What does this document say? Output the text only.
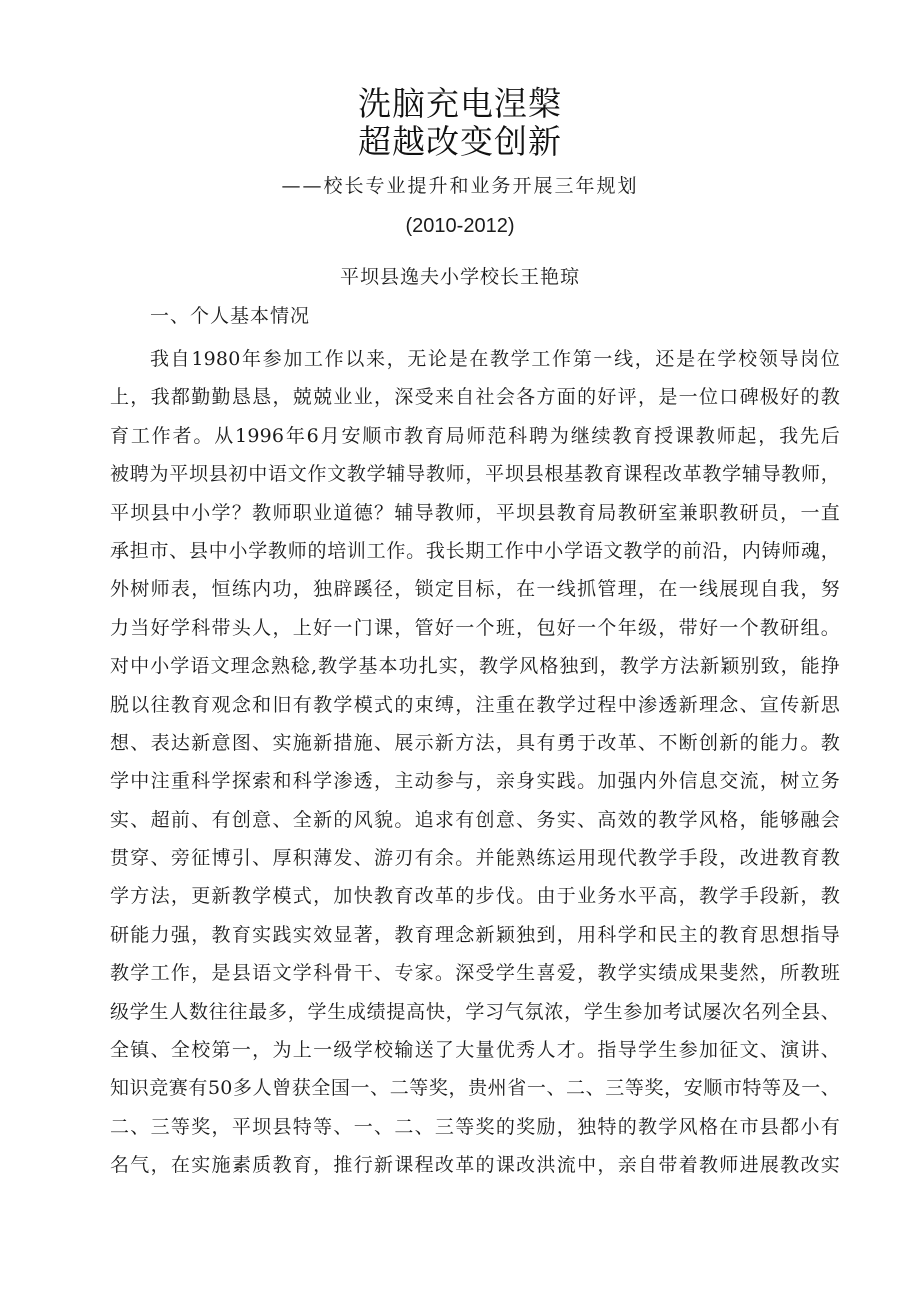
洗脑充电涅槃
超越改变创新
——校长专业提升和业务开展三年规划
(2010-2012)
平坝县逸夫小学校长王艳琼
一、个人基本情况
我自1980年参加工作以来，无论是在教学工作第一线，还是在学校领导岗位
上，我都勤勤恳恳，兢兢业业，深受来自社会各方面的好评，是一位口碑极好的教
育工作者。从1996年6月安顺市教育局师范科聘为继续教育授课教师起，我先后
被聘为平坝县初中语文作文教学辅导教师，平坝县根基教育课程改革教学辅导教师，
平坝县中小学？教师职业道德？辅导教师，平坝县教育局教研室兼职教研员，一直
承担市、县中小学教师的培训工作。我长期工作中小学语文教学的前沿，内铸师魂，
外树师表，恒练内功，独辟蹊径，锁定目标，在一线抓管理，在一线展现自我，努
力当好学科带头人，上好一门课，管好一个班，包好一个年级，带好一个教研组。
对中小学语文理念熟稔,教学基本功扎实，教学风格独到，教学方法新颖别致，能挣
脱以往教育观念和旧有教学模式的束缚，注重在教学过程中渗透新理念、宣传新思
想、表达新意图、实施新措施、展示新方法，具有勇于改革、不断创新的能力。教
学中注重科学探索和科学渗透，主动参与，亲身实践。加强内外信息交流，树立务
实、超前、有创意、全新的风貌。追求有创意、务实、高效的教学风格，能够融会
贯穿、旁征博引、厚积薄发、游刃有余。并能熟练运用现代教学手段，改进教育教
学方法，更新教学模式，加快教育改革的步伐。由于业务水平高，教学手段新，教
研能力强，教育实践实效显著，教育理念新颖独到，用科学和民主的教育思想指导
教学工作，是县语文学科骨干、专家。深受学生喜爱，教学实绩成果斐然，所教班
级学生人数往往最多，学生成绩提高快，学习气氛浓，学生参加考试屡次名列全县、
全镇、全校第一，为上一级学校输送了大量优秀人才。指导学生参加征文、演讲、
知识竞赛有50多人曾获全国一、二等奖，贵州省一、二、三等奖，安顺市特等及一、
二、三等奖，平坝县特等、一、二、三等奖的奖励，独特的教学风格在市县都小有
名气，在实施素质教育，推行新课程改革的课改洪流中，亲自带着教师进展教改实
